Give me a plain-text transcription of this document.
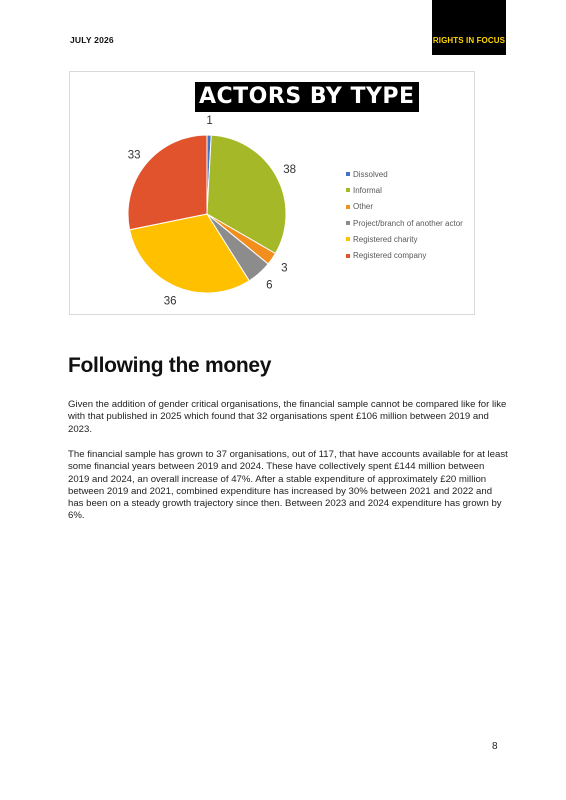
JULY 2026	RIGHTS IN FOCUS
1
38
3
6
36
33
ACTORS BY TYPE
Dissolved
Informal
Other
Project/branch of another actor
Registered charity
Registered company
Following the money

Given the addition of gender critical organisations, the financial sample cannot be compared like for like with that published in 2025 which found that 32 organisations spent £106 million between 2019 and 2023.

The financial sample has grown to 37 organisations, out of 117, that have accounts available for at least some financial years between 2019 and 2024. These have collectively spent £144 million between 2019 and 2024, an overall increase of 47%. After a stable expenditure of approximately £20 million between 2019 and 2021, combined expenditure has increased by 30% between 2021 and 2022 and has been on a steady growth trajectory since then. Between 2023 and 2024 expenditure has grown by 6%.

8
